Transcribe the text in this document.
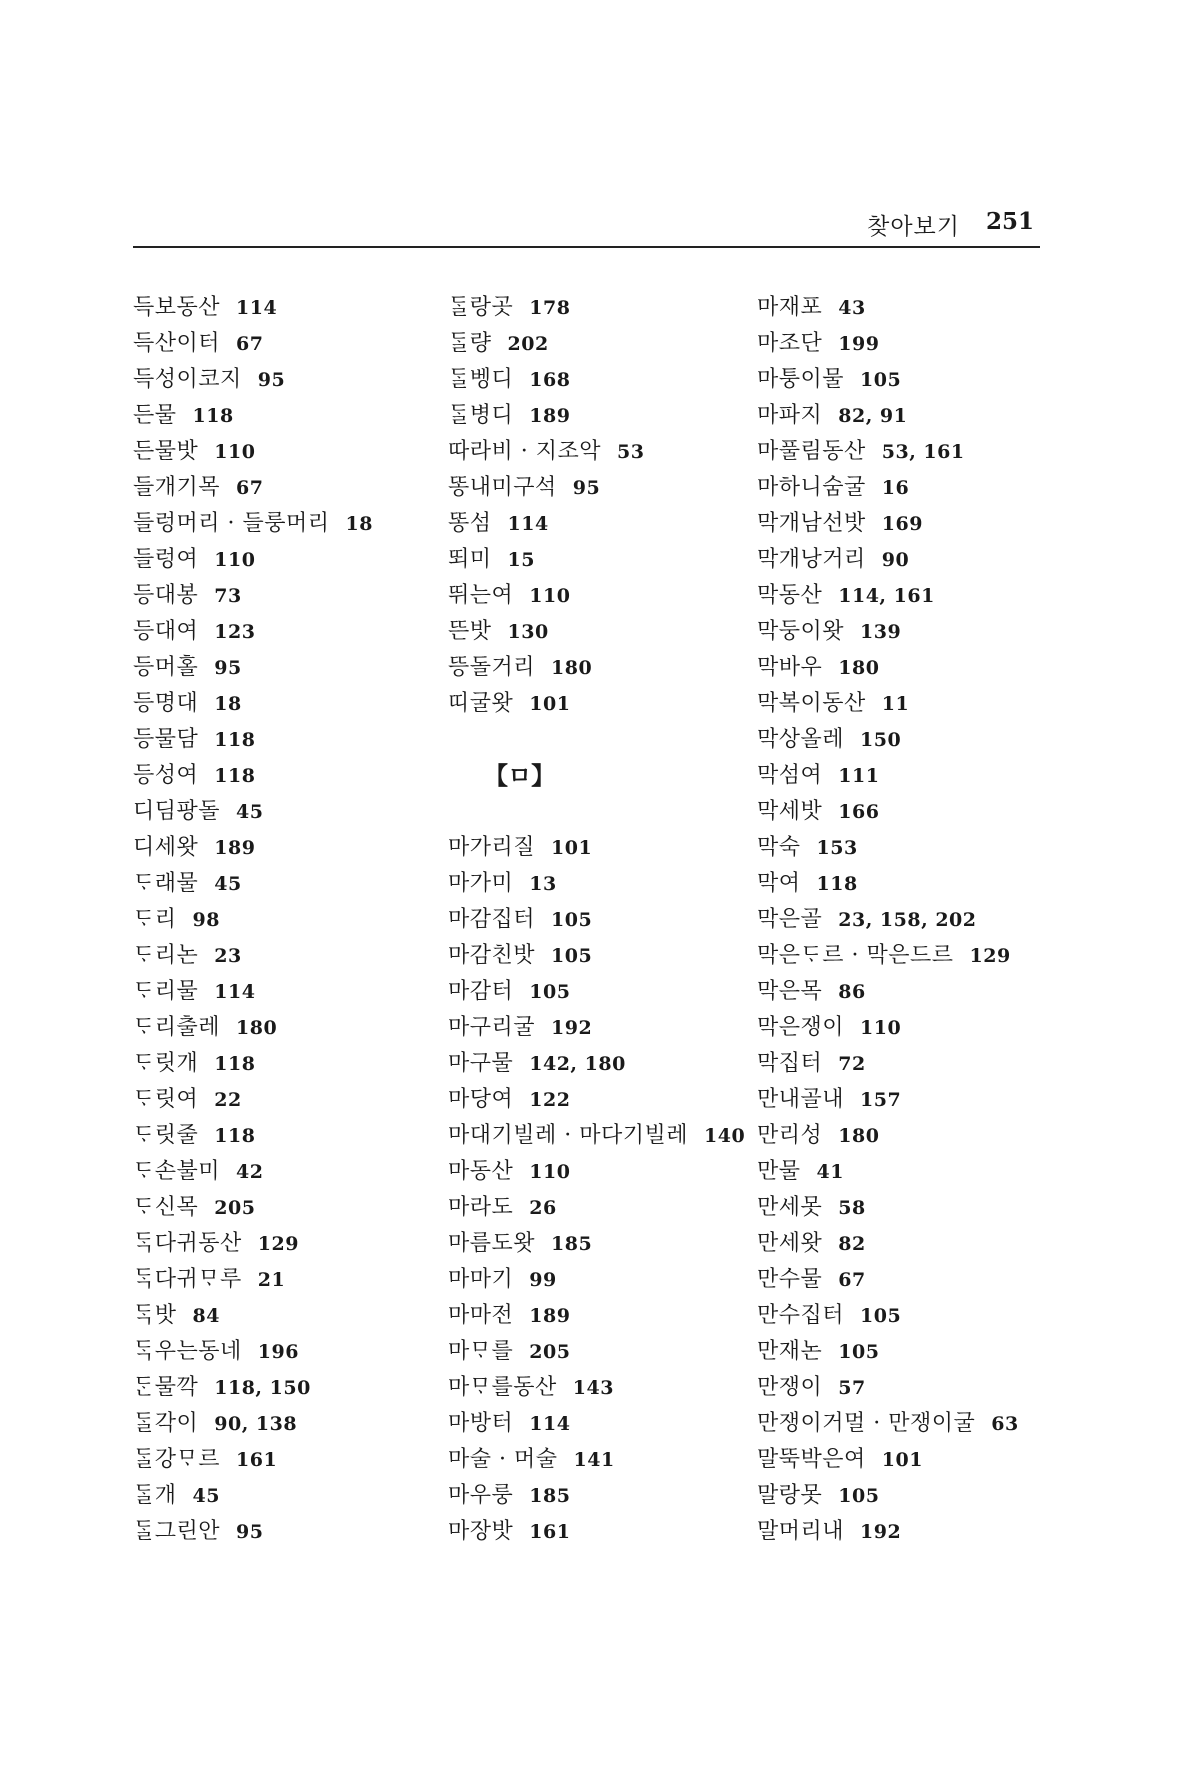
찾아보기 251
득보동산 114
득산이터 67
득성이코지 95
든물 118
든물밧 110
들개기목 67
들렁머리 · 들룽머리 18
들렁여 110
등대봉 73
등대여 123
등머홀 95
등명대 18
등물담 118
등성여 118
디딤팡돌 45
디세왓 189
ᄃᆞ래물 45
ᄃᆞ리 98
ᄃᆞ리논 23
ᄃᆞ리물 114
ᄃᆞ리출레 180
ᄃᆞ릿개 118
ᄃᆞ릿여 22
ᄃᆞ릿줄 118
ᄃᆞ손불미 42
ᄃᆞ신목 205
ᄃᆞᆨ다귀동산 129
ᄃᆞᆨ다귀ᄆᆞ루 21
ᄃᆞᆨ밧 84
ᄃᆞᆨ우는동네 196
ᄃᆞᆫ물깍 118, 150
ᄃᆞᆯ각이 90, 138
ᄃᆞᆯ강ᄆᆞ르 161
ᄃᆞᆯ개 45
ᄃᆞᆯ그린안 95
ᄃᆞᆯ랑곳 178
ᄃᆞᆯ량 202
ᄃᆞᆯ벵디 168
ᄃᆞᆯ병디 189
따라비 · 지조악 53
똥내미구석 95
똥섬 114
뙤미 15
뛰는여 110
뜬밧 130
뜽돌거리 180
띠굴왓 101
【ㅁ】
마가리질 101
마가미 13
마감집터 105
마감친밧 105
마감터 105
마구리굴 192
마구물 142, 180
마당여 122
마대기빌레 · 마다기빌레 140
마동산 110
마라도 26
마름도왓 185
마마기 99
마마전 189
마ᄆᆞ를 205
마ᄆᆞ를동산 143
마방터 114
마술 · 머술 141
마우룽 185
마장밧 161
마재포 43
마조단 199
마퉁이물 105
마파지 82, 91
마풀림동산 53, 161
마하니숨굴 16
막개남선밧 169
막개낭거리 90
막동산 114, 161
막둥이왓 139
막바우 180
막복이동산 11
막상올레 150
막섬여 111
막세밧 166
막숙 153
막여 118
막은골 23, 158, 202
막은ᄃᆞ르 · 막은드르 129
막은목 86
막은쟁이 110
막집터 72
만내골내 157
만리성 180
만물 41
만세못 58
만세왓 82
만수물 67
만수집터 105
만재논 105
만쟁이 57
만쟁이거멀 · 만쟁이굴 63
말뚝박은여 101
말랑못 105
말머리내 192
